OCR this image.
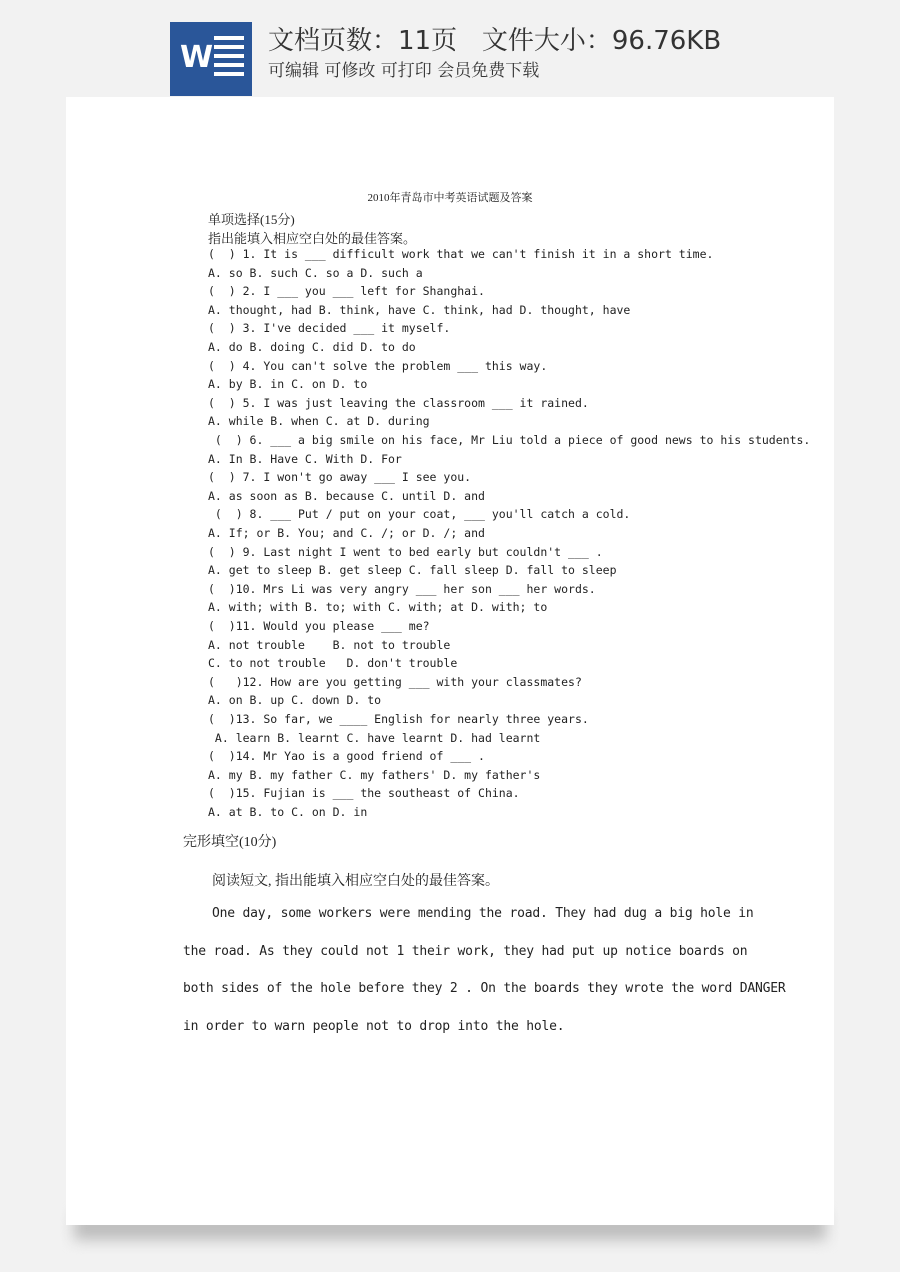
W 文档页数：11页   文件大小：96.76KB
可编辑 可修改 可打印 会员免费下载
2010年青岛市中考英语试题及答案
单项选择(15分)
指出能填入相应空白处的最佳答案。
(  ) 1. It is ___ difficult work that we can't finish it in a short time.
A. so B. such C. so a D. such a
(  ) 2. I ___ you ___ left for Shanghai.
A. thought, had B. think, have C. think, had D. thought, have
(  ) 3. I've decided ___ it myself.
A. do B. doing C. did D. to do
(  ) 4. You can't solve the problem ___ this way.
A. by B. in C. on D. to
(  ) 5. I was just leaving the classroom ___ it rained.
A. while B. when C. at D. during
(  ) 6. ___ a big smile on his face, Mr Liu told a piece of good news to his students.
A. In B. Have C. With D. For
(  ) 7. I won't go away ___ I see you.
A. as soon as B. because C. until D. and
(  ) 8. ___ Put / put on your coat, ___ you'll catch a cold.
A. If; or B. You; and C. /; or D. /; and
(  ) 9. Last night I went to bed early but couldn't ___ .
A. get to sleep B. get sleep C. fall sleep D. fall to sleep
(  )10. Mrs Li was very angry ___ her son ___ her words.
A. with; with B. to; with C. with; at D. with; to
(  )11. Would you please ___ me?
A. not trouble    B. not to trouble
C. to not trouble   D. don't trouble
(   )12. How are you getting ___ with your classmates?
A. on B. up C. down D. to
(  )13. So far, we ____ English for nearly three years.
A. learn B. learnt C. have learnt D. had learnt
(  )14. Mr Yao is a good friend of ___ .
A. my B. my father C. my fathers' D. my father's
(  )15. Fujian is ___ the southeast of China.
A. at B. to C. on D. in
完形填空(10分)
阅读短文, 指出能填入相应空白处的最佳答案。
One day, some workers were mending the road. They had dug a big hole in
the road. As they could not 1 their work, they had put up notice boards on
both sides of the hole before they 2 . On the boards they wrote the word DANGER
in order to warn people not to drop into the hole.
